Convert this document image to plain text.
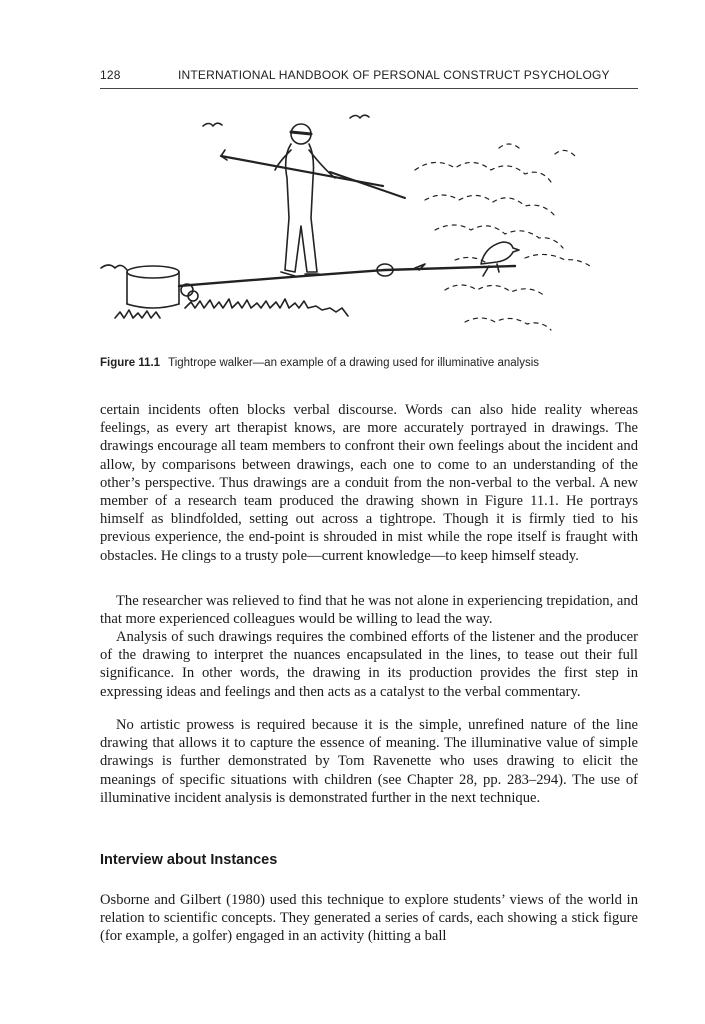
128	INTERNATIONAL HANDBOOK OF PERSONAL CONSTRUCT PSYCHOLOGY
Figure 11.1 Tightrope walker—an example of a drawing used for illuminative analysis

certain incidents often blocks verbal discourse. Words can also hide reality whereas feelings, as every art therapist knows, are more accurately portrayed in drawings. The drawings encourage all team members to confront their own feelings about the incident and allow, by comparisons between drawings, each one to come to an understanding of the other’s perspective. Thus drawings are a conduit from the non-verbal to the verbal. A new member of a research team produced the drawing shown in Figure 11.1. He portrays himself as blindfolded, setting out across a tightrope. Though it is firmly tied to his previous experience, the end-point is shrouded in mist while the rope itself is fraught with obstacles. He clings to a trusty pole—current knowledge—to keep himself steady.

The researcher was relieved to find that he was not alone in experiencing trepidation, and that more experienced colleagues would be willing to lead the way.

Analysis of such drawings requires the combined efforts of the listener and the producer of the drawing to interpret the nuances encapsulated in the lines, to tease out their full significance. In other words, the drawing in its production provides the first step in expressing ideas and feelings and then acts as a catalyst to the verbal commentary.

No artistic prowess is required because it is the simple, unrefined nature of the line drawing that allows it to capture the essence of meaning. The illuminative value of simple drawings is further demonstrated by Tom Ravenette who uses drawing to elicit the meanings of specific situations with children (see Chapter 28, pp. 283–294). The use of illuminative incident analysis is demonstrated further in the next technique.

Interview about Instances

Osborne and Gilbert (1980) used this technique to explore students’ views of the world in relation to scientific concepts. They generated a series of cards, each showing a stick figure (for example, a golfer) engaged in an activity (hitting a ball
